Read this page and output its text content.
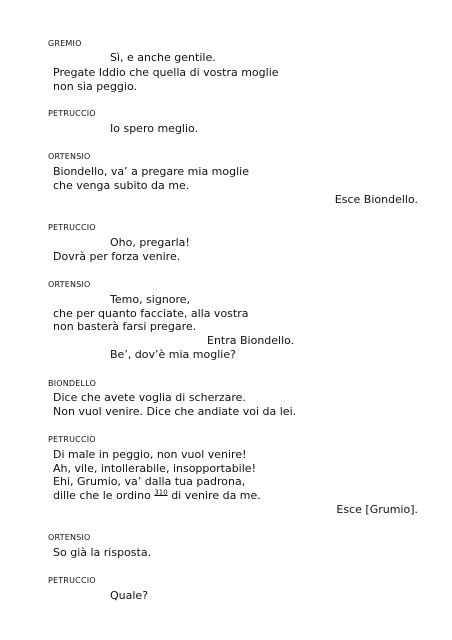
GREMIO
Sì, e anche gentile.
Pregate Iddio che quella di vostra moglie
non sia peggio.
PETRUCCIO
Io spero meglio.
ORTENSIO
Biondello, va’ a pregare mia moglie
che venga subito da me.
Esce Biondello.
PETRUCCIO
Oho, pregarla!
Dovrà per forza venire.
ORTENSIO
Temo, signore,
che per quanto facciate, alla vostra
non basterà farsi pregare.
Entra Biondello.
Be’, dov’è mia moglie?
BIONDELLO
Dice che avete voglia di scherzare.
Non vuol venire. Dice che andiate voi da lei.
PETRUCCIO
Di male in peggio, non vuol venire!
Ah, vile, intollerabile, insopportabile!
Ehi, Grumio, va’ dalla tua padrona,
dille che le ordino $^{310}$ di venire da me.
Esce [Grumio].
ORTENSIO
So già la risposta.
PETRUCCIO
Quale?
